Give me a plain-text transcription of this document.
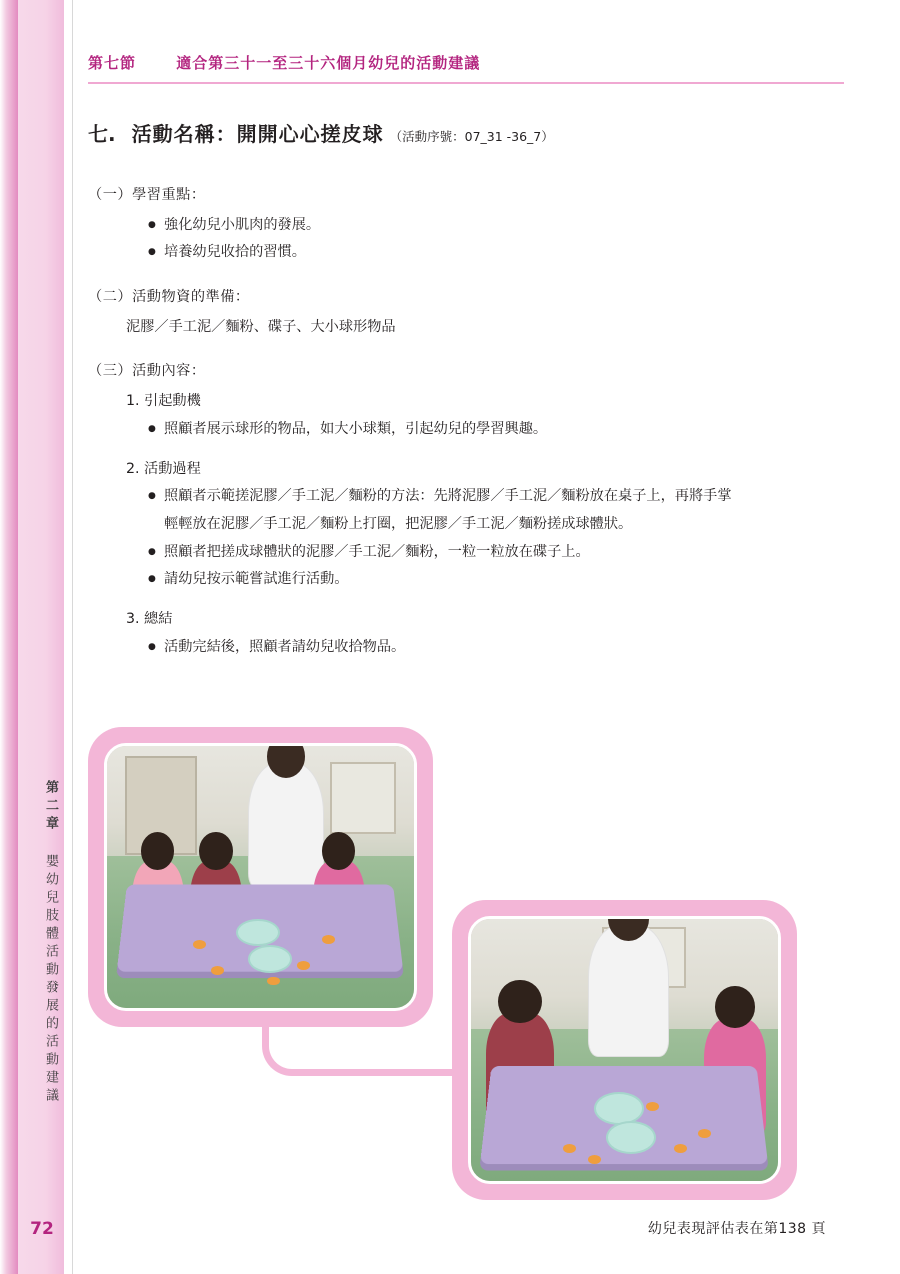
第二章 嬰幼兒肢體活動發展的活動建議
72
第七節	適合第三十一至三十六個月幼兒的活動建議
七. 活動名稱：開開心心搓皮球 （活動序號：07_31 -36_7）
（一）學習重點：
● 強化幼兒小肌肉的發展。
● 培養幼兒收拾的習慣。
（二）活動物資的準備：
泥膠／手工泥／麵粉、碟子、大小球形物品
（三）活動內容：
1. 引起動機
● 照顧者展示球形的物品，如大小球類，引起幼兒的學習興趣。
2. 活動過程
● 照顧者示範搓泥膠／手工泥／麵粉的方法：先將泥膠／手工泥／麵粉放在桌子上，再將手掌
輕輕放在泥膠／手工泥／麵粉上打圈，把泥膠／手工泥／麵粉搓成球體狀。
● 照顧者把搓成球體狀的泥膠／手工泥／麵粉，一粒一粒放在碟子上。
● 請幼兒按示範嘗試進行活動。
3. 總結
● 活動完結後，照顧者請幼兒收拾物品。
幼兒表現評估表在第138 頁
